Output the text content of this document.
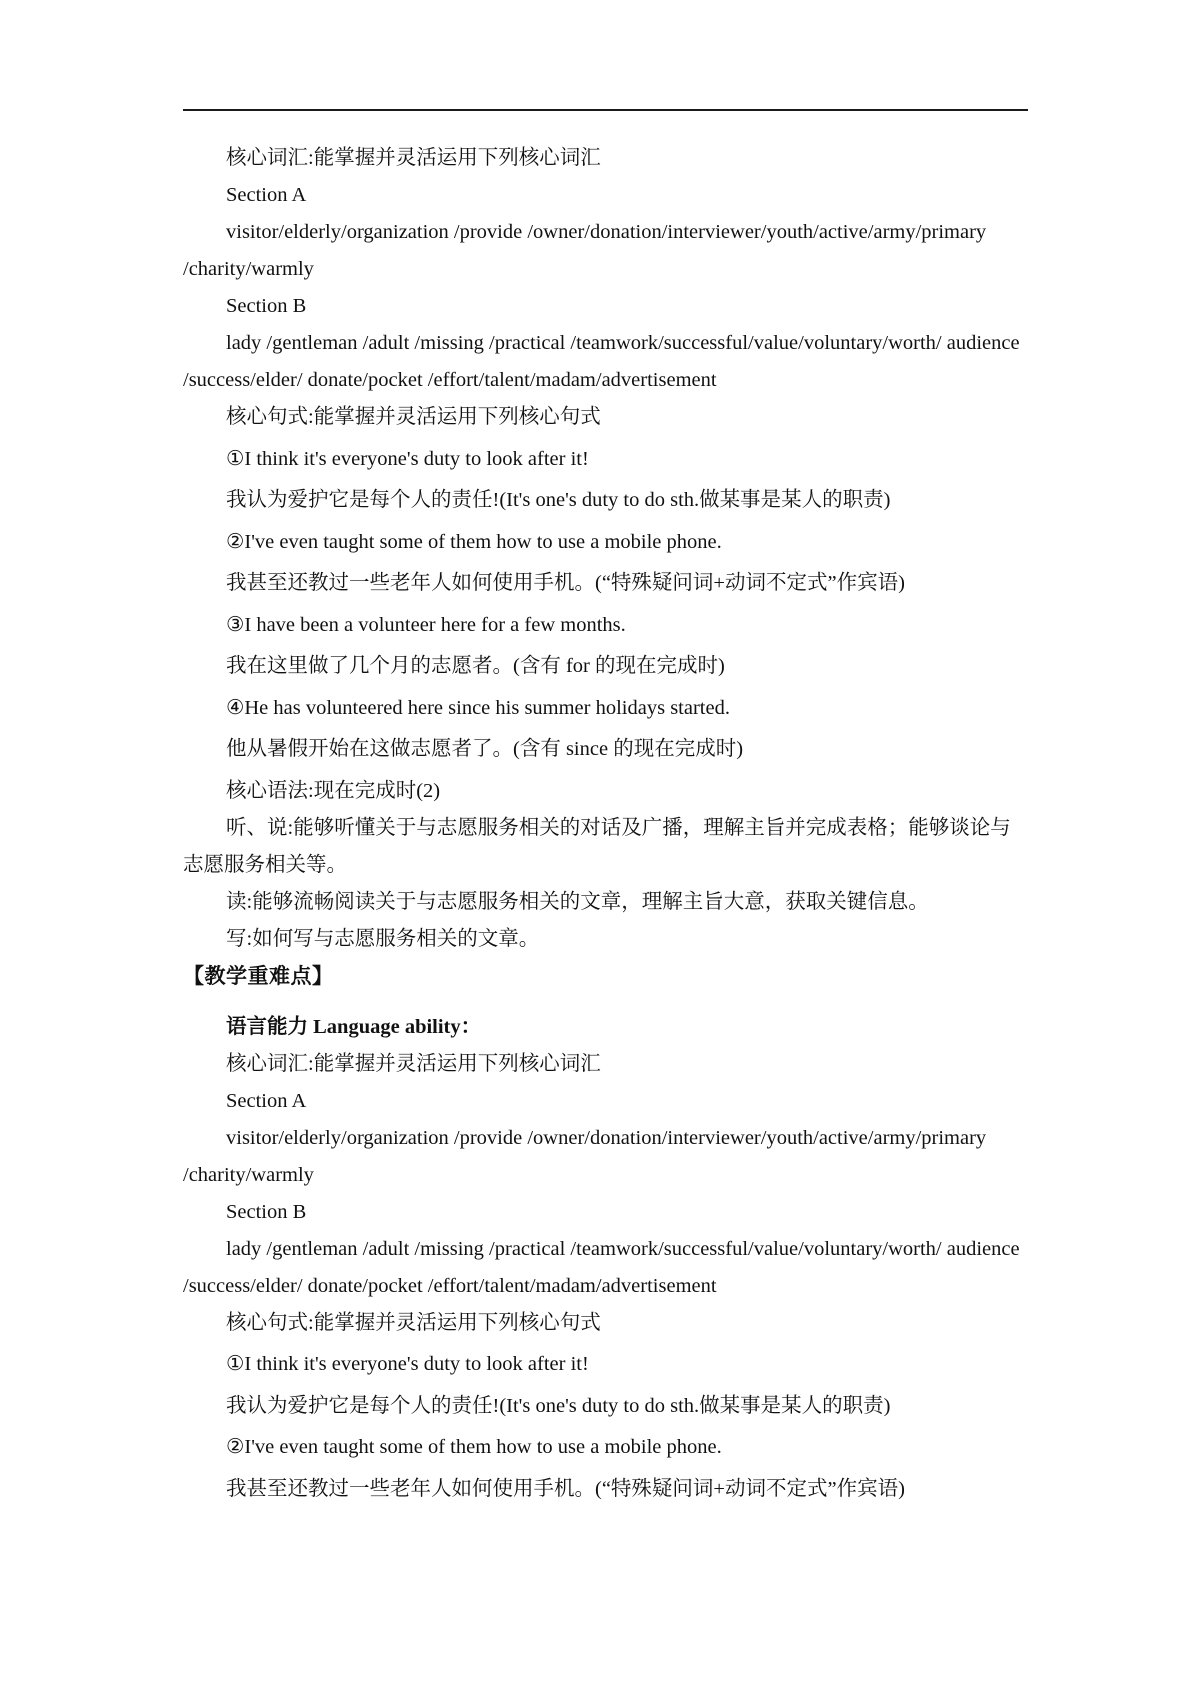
核心词汇:能掌握并灵活运用下列核心词汇

Section A

visitor/elderly/organization /provide /owner/donation/interviewer/youth/active/army/primary /charity/warmly

Section B

lady /gentleman /adult /missing /practical /teamwork/successful/value/voluntary/worth/ audience /success/elder/ donate/pocket /effort/talent/madam/advertisement

核心句式:能掌握并灵活运用下列核心句式

①I think it's everyone's duty to look after it!

我认为爱护它是每个人的责任!(It's one's duty to do sth.做某事是某人的职责)

②I've even taught some of them how to use a mobile phone.

我甚至还教过一些老年人如何使用手机。(“特殊疑问词+动词不定式”作宾语)

③I have been a volunteer here for a few months.

我在这里做了几个月的志愿者。(含有 for 的现在完成时)

④He has volunteered here since his summer holidays started.

他从暑假开始在这做志愿者了。(含有 since 的现在完成时)

核心语法:现在完成时(2)

听、说:能够听懂关于与志愿服务相关的对话及广播，理解主旨并完成表格；能够谈论与志愿服务相关等。

读:能够流畅阅读关于与志愿服务相关的文章，理解主旨大意，获取关键信息。

写:如何写与志愿服务相关的文章。

【教学重难点】

语言能力 Language ability：

核心词汇:能掌握并灵活运用下列核心词汇

Section A

visitor/elderly/organization /provide /owner/donation/interviewer/youth/active/army/primary /charity/warmly

Section B

lady /gentleman /adult /missing /practical /teamwork/successful/value/voluntary/worth/ audience /success/elder/ donate/pocket /effort/talent/madam/advertisement

核心句式:能掌握并灵活运用下列核心句式

①I think it's everyone's duty to look after it!

我认为爱护它是每个人的责任!(It's one's duty to do sth.做某事是某人的职责)

②I've even taught some of them how to use a mobile phone.

我甚至还教过一些老年人如何使用手机。(“特殊疑问词+动词不定式”作宾语)
